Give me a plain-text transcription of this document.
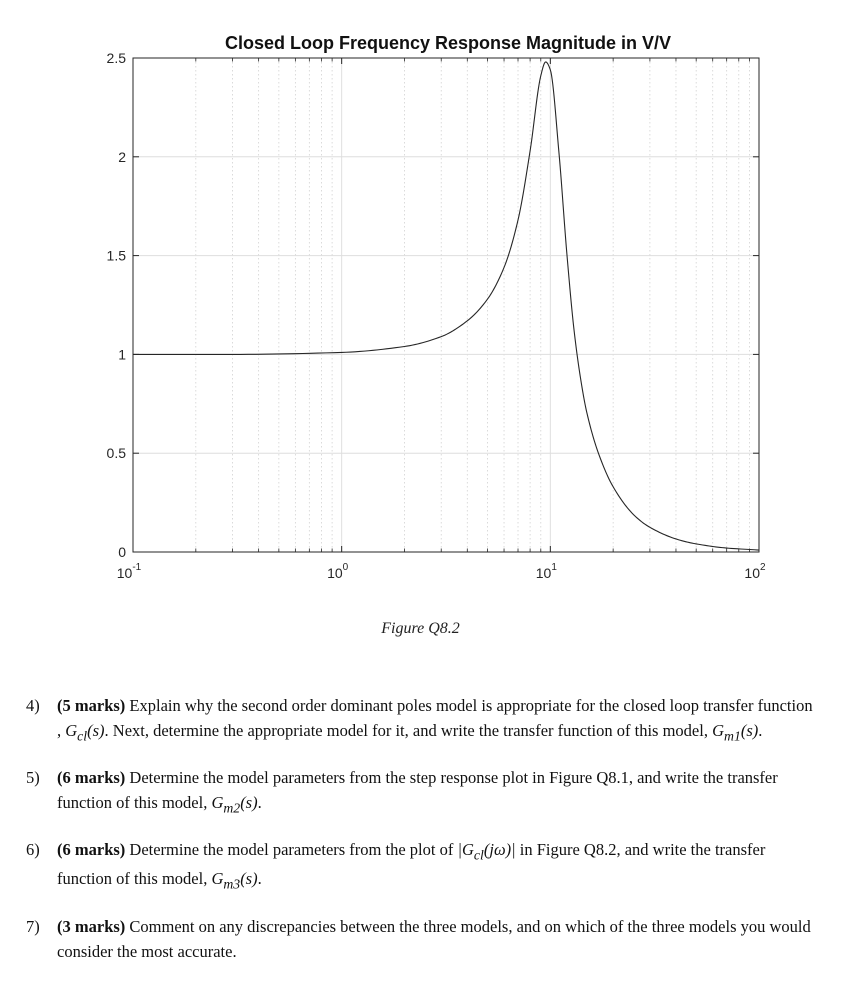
Closed Loop Frequency Response Magnitude in V/V
0
0.5
1
1.5
2
2.5
$10^{-1}$	$10^0$	$10^1$	$10^2$
Figure Q8.2
4) (5 marks) Explain why the second order dominant poles model is appropriate for the closed loop transfer function , $G_{cl}(s)$. Next, determine the appropriate model for it, and write the transfer function of this model, $G_{m1}(s)$.
5) (6 marks) Determine the model parameters from the step response plot in Figure Q8.1, and write the transfer function of this model, $G_{m2}(s)$.
6) (6 marks) Determine the model parameters from the plot of $|G_{cl}(j\omega)|$ in Figure Q8.2, and write the transfer function of this model, $G_{m3}(s)$.
7) (3 marks) Comment on any discrepancies between the three models, and on which of the three models you would consider the most accurate.
